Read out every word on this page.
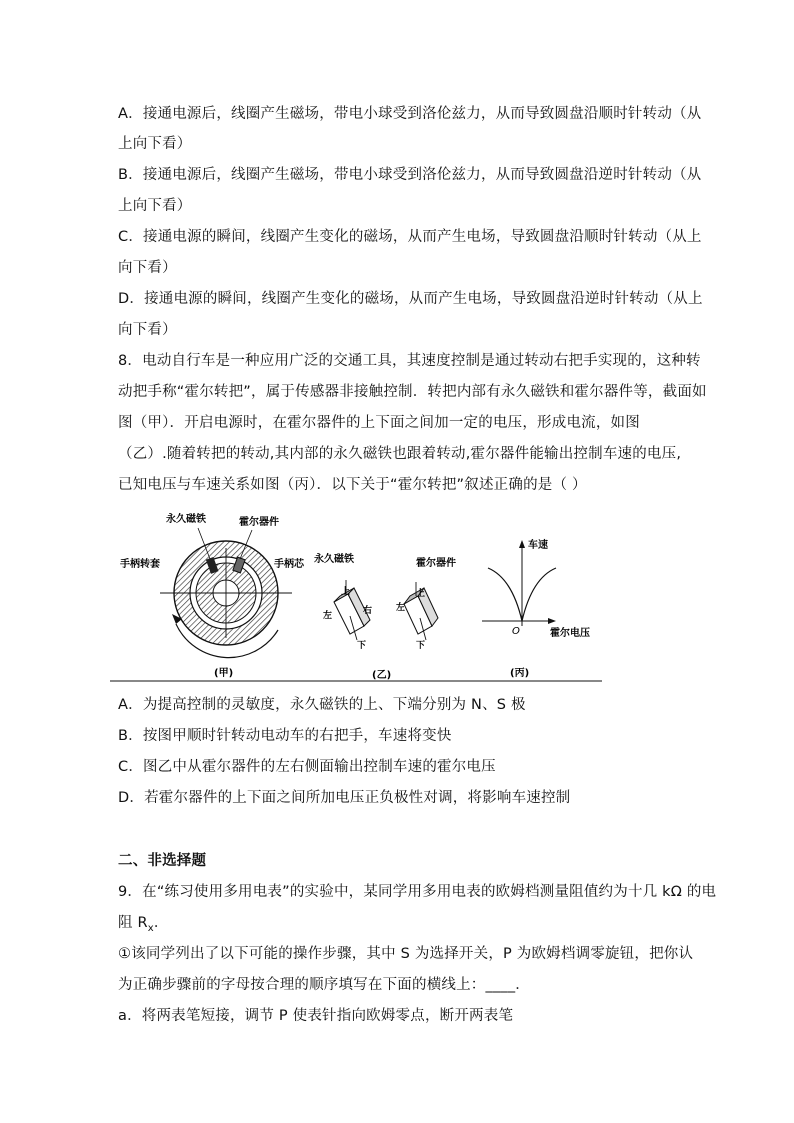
A．接通电源后，线圈产生磁场，带电小球受到洛伦兹力，从而导致圆盘沿顺时针转动（从
上向下看）
B．接通电源后，线圈产生磁场，带电小球受到洛伦兹力，从而导致圆盘沿逆时针转动（从
上向下看）
C．接通电源的瞬间，线圈产生变化的磁场，从而产生电场，导致圆盘沿顺时针转动（从上
向下看）
D．接通电源的瞬间，线圈产生变化的磁场，从而产生电场，导致圆盘沿逆时针转动（从上
向下看）
8．电动自行车是一种应用广泛的交通工具，其速度控制是通过转动右把手实现的，这种转
动把手称“霍尔转把”，属于传感器非接触控制．转把内部有永久磁铁和霍尔器件等，截面如
图（甲）．开启电源时，在霍尔器件的上下面之间加一定的电压，形成电流，如图
（乙）.随着转把的转动,其内部的永久磁铁也跟着转动,霍尔器件能输出控制车速的电压,
已知电压与车速关系如图（丙）．以下关于“霍尔转把”叙述正确的是（ ）
永久磁铁	霍尔器件
手柄转套	手柄芯
(甲)
永久磁铁
上
右
左
下
霍尔器件
上
左
下
(乙)
车速
霍尔电压
O
(丙)
A．为提高控制的灵敏度，永久磁铁的上、下端分别为 N、S 极
B．按图甲顺时针转动电动车的右把手，车速将变快
C．图乙中从霍尔器件的左右侧面输出控制车速的霍尔电压
D．若霍尔器件的上下面之间所加电压正负极性对调，将影响车速控制
二、非选择题
9．在“练习使用多用电表”的实验中，某同学用多用电表的欧姆档测量阻值约为十几 kΩ 的电
阻 $R_x$．
①该同学列出了以下可能的操作步骤，其中 S 为选择开关，P 为欧姆档调零旋钮，把你认
为正确步骤前的字母按合理的顺序填写在下面的横线上：____．
a．将两表笔短接，调节 P 使表针指向欧姆零点，断开两表笔
